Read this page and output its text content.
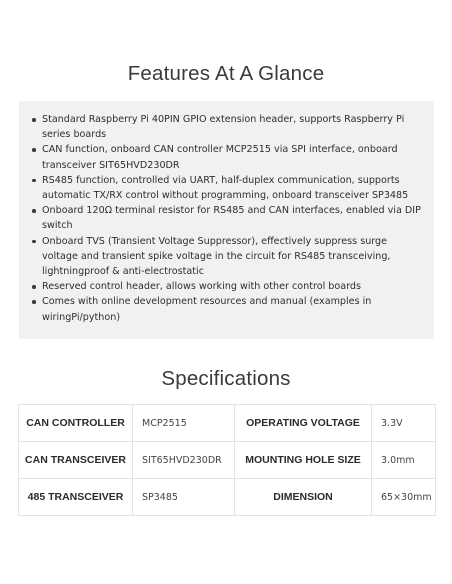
Features At A Glance
Standard Raspberry Pi 40PIN GPIO extension header, supports Raspberry Pi series boards
CAN function, onboard CAN controller MCP2515 via SPI interface, onboard transceiver SIT65HVD230DR
RS485 function, controlled via UART, half-duplex communication, supports automatic TX/RX control without programming, onboard transceiver SP3485
Onboard 120Ω terminal resistor for RS485 and CAN interfaces, enabled via DIP switch
Onboard TVS (Transient Voltage Suppressor), effectively suppress surge voltage and transient spike voltage in the circuit for RS485 transceiving, lightningproof & anti-electrostatic
Reserved control header, allows working with other control boards
Comes with online development resources and manual (examples in wiringPi/python)
Specifications
CAN CONTROLLER	MCP2515	OPERATING VOLTAGE	3.3V
CAN TRANSCEIVER	SIT65HVD230DR	MOUNTING HOLE SIZE	3.0mm
485 TRANSCEIVER	SP3485	DIMENSION	65×30mm
